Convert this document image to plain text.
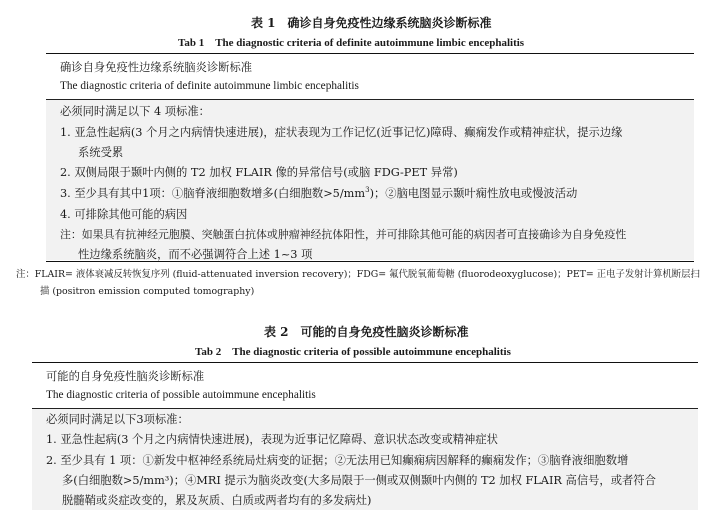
表 1　确诊自身免疫性边缘系统脑炎诊断标准
Tab 1　The diagnostic criteria of definite autoimmune limbic encephalitis
确诊自身免疫性边缘系统脑炎诊断标准
The diagnostic criteria of definite autoimmune limbic encephalitis
必须同时满足以下 4 项标准：
1. 亚急性起病(3 个月之内病情快速进展)，症状表现为工作记忆(近事记忆)障碍、癫痫发作或精神症状，提示边缘
系统受累
2. 双侧局限于颞叶内侧的 T2 加权 FLAIR 像的异常信号(或脑 FDG-PET 异常)
3. 至少具有其中1项：①脑脊液细胞数增多(白细胞数$>5/mm^3$)；②脑电图显示颞叶痫性放电或慢波活动
4. 可排除其他可能的病因
注：如果具有抗神经元胞膜、突触蛋白抗体或肿瘤神经抗体阳性，并可排除其他可能的病因者可直接确诊为自身免疫性
性边缘系统脑炎，而不必强调符合上述 1~3 项
注：FLAIR= 液体衰减反转恢复序列 (fluid-attenuated inversion recovery)；FDG= 氟代脱氧葡萄糖 (fluorodeoxyglucose)；PET= 正电子发射计算机断层扫
描 (positron emission computed tomography)
表 2　可能的自身免疫性脑炎诊断标准
Tab 2　The diagnostic criteria of possible autoimmune encephalitis
可能的自身免疫性脑炎诊断标准
The diagnostic criteria of possible autoimmune encephalitis
必须同时满足以下3项标准：
1. 亚急性起病(3 个月之内病情快速进展)，表现为近事记忆障碍、意识状态改变或精神症状
2. 至少具有 1 项：①新发中枢神经系统局灶病变的证据；②无法用已知癫痫病因解释的癫痫发作；③脑脊液细胞数增
多(白细胞数>5/mm³)；④MRI 提示为脑炎改变(大多局限于一侧或双侧颞叶内侧的 T2 加权 FLAIR 高信号，或者符合
脱髓鞘或炎症改变的，累及灰质、白质或两者均有的多发病灶)
